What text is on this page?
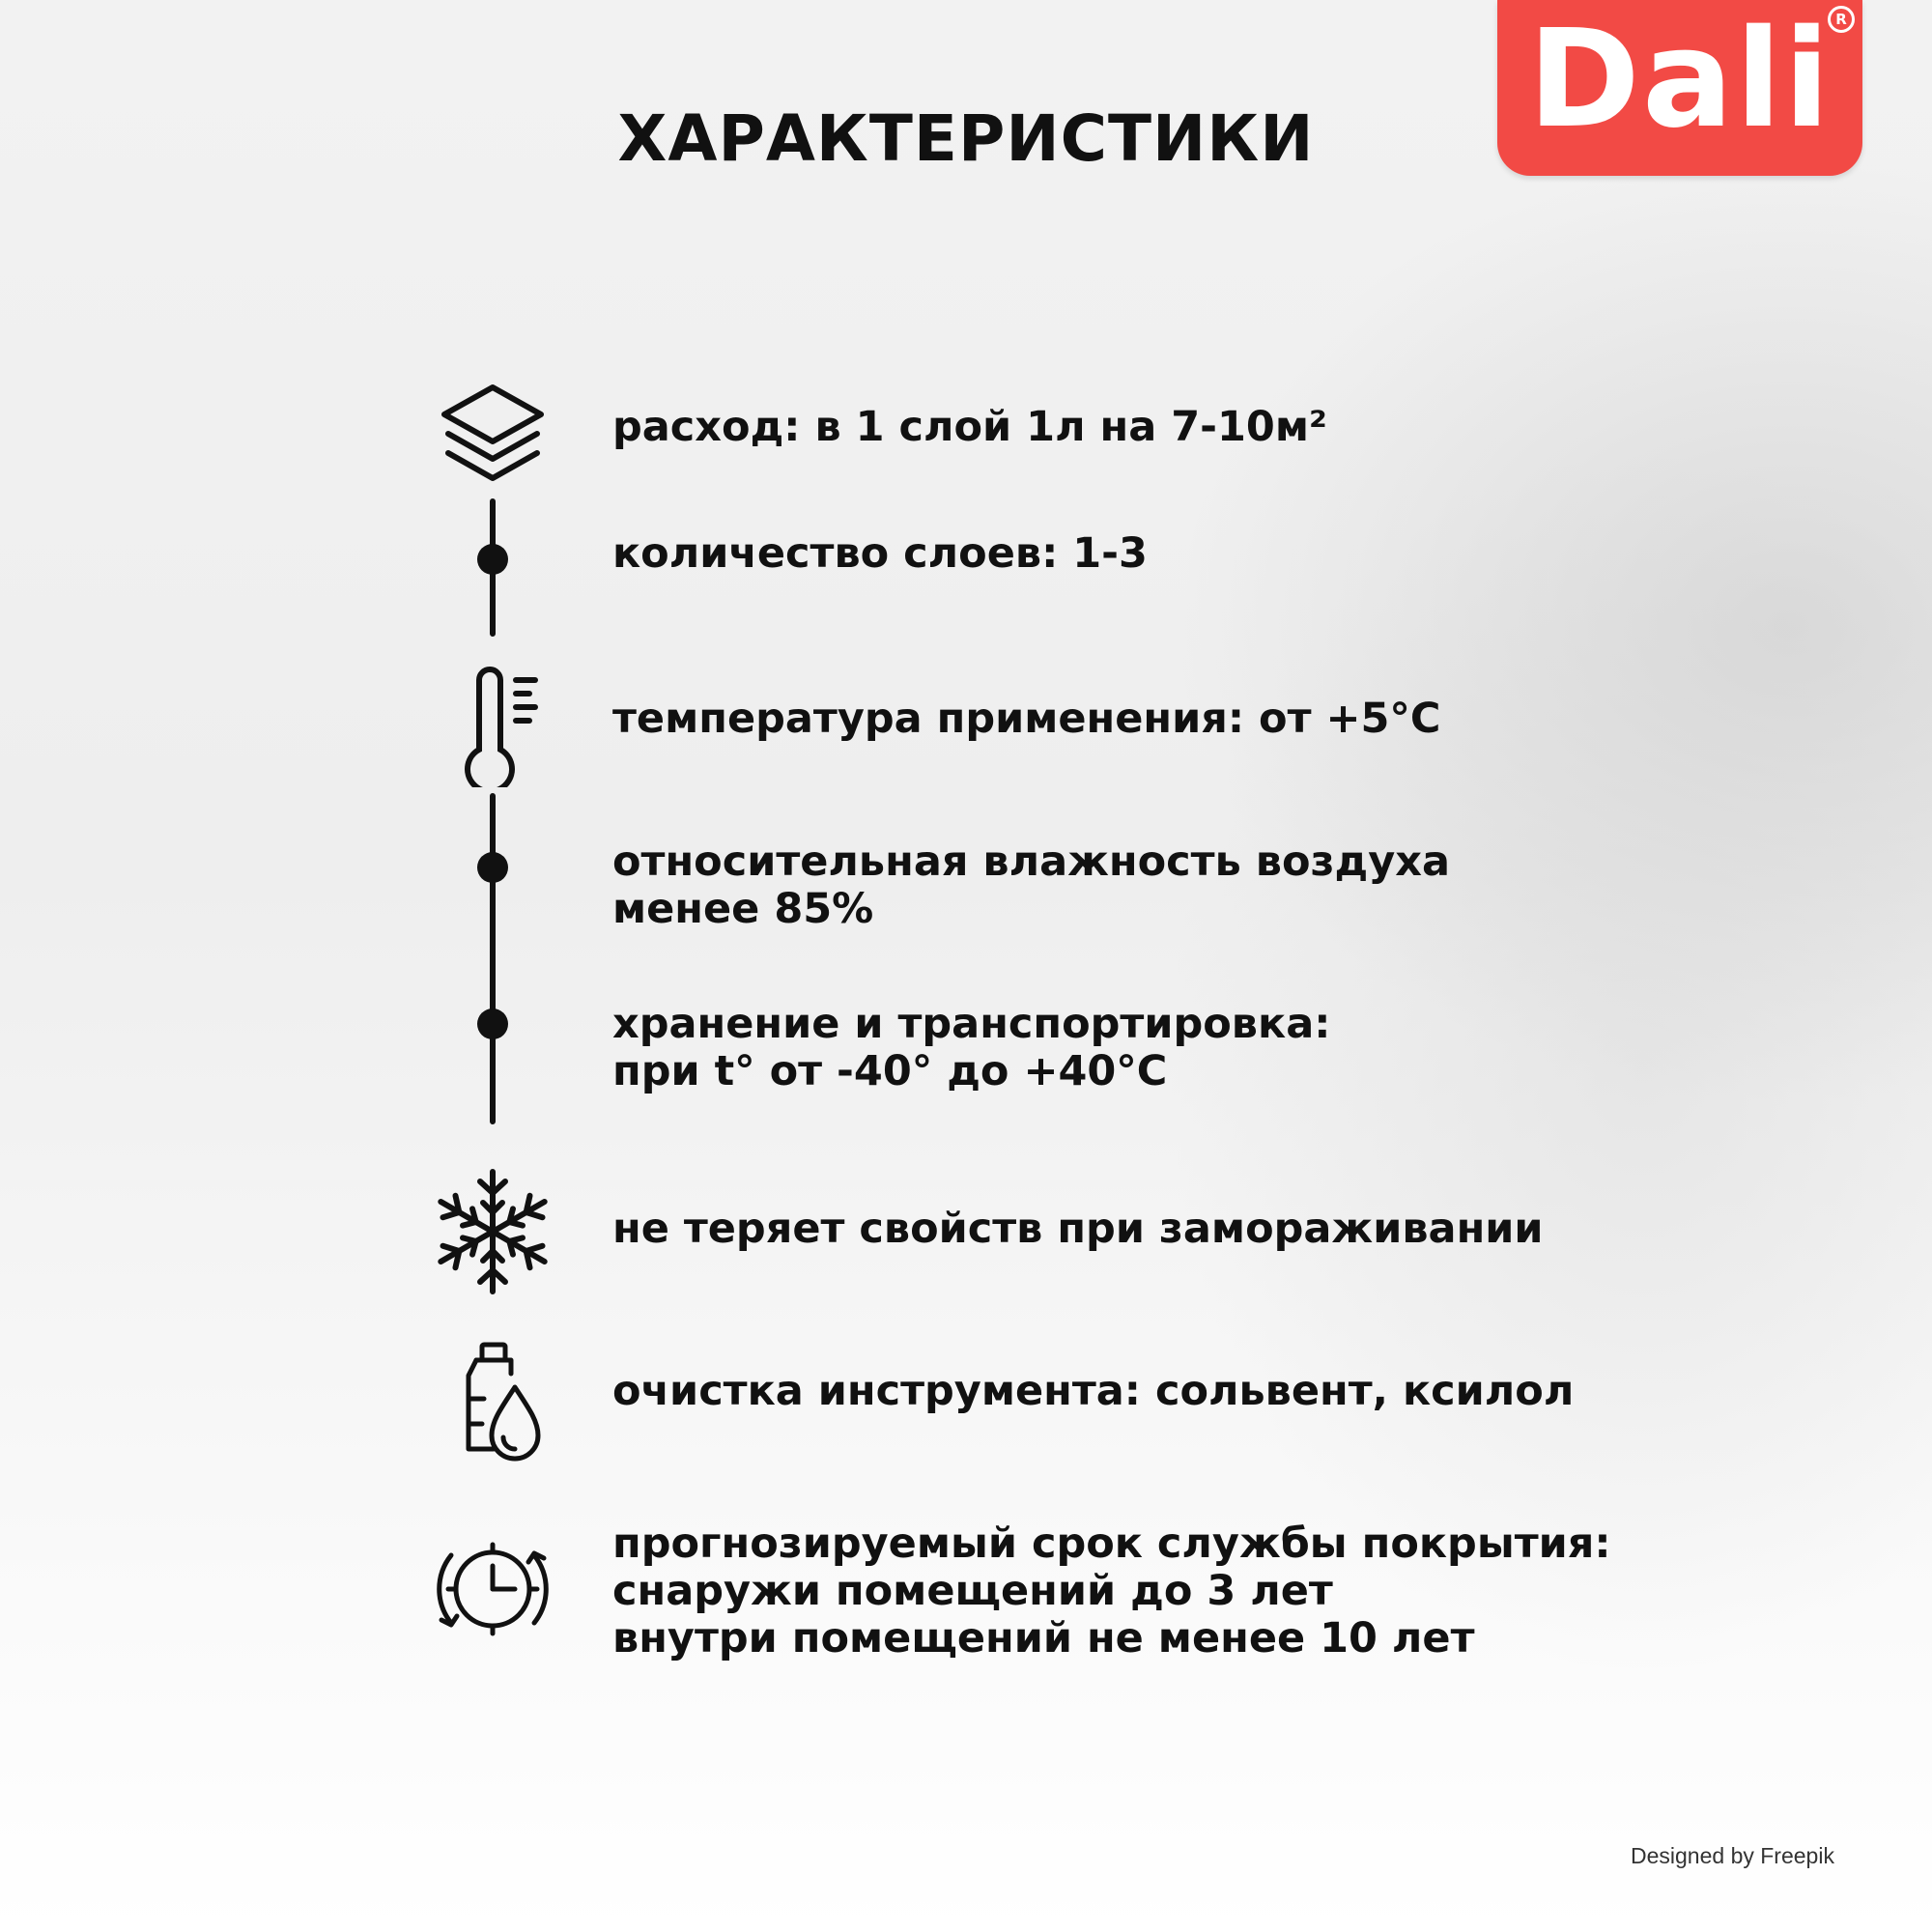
ХАРАКТЕРИСТИКИ	Dali R

расход: в 1 слой 1л на 7-10м²

количество слоев: 1-3

температура применения: от +5°C

относительная влажность воздуха
менее 85%

хранение и транспортировка:
при t° от -40° до +40°C

не теряет свойств при замораживании

очистка инструмента: сольвент, ксилол

прогнозируемый срок службы покрытия:
снаружи помещений до 3 лет
внутри помещений не менее 10 лет

Designed by Freepik
